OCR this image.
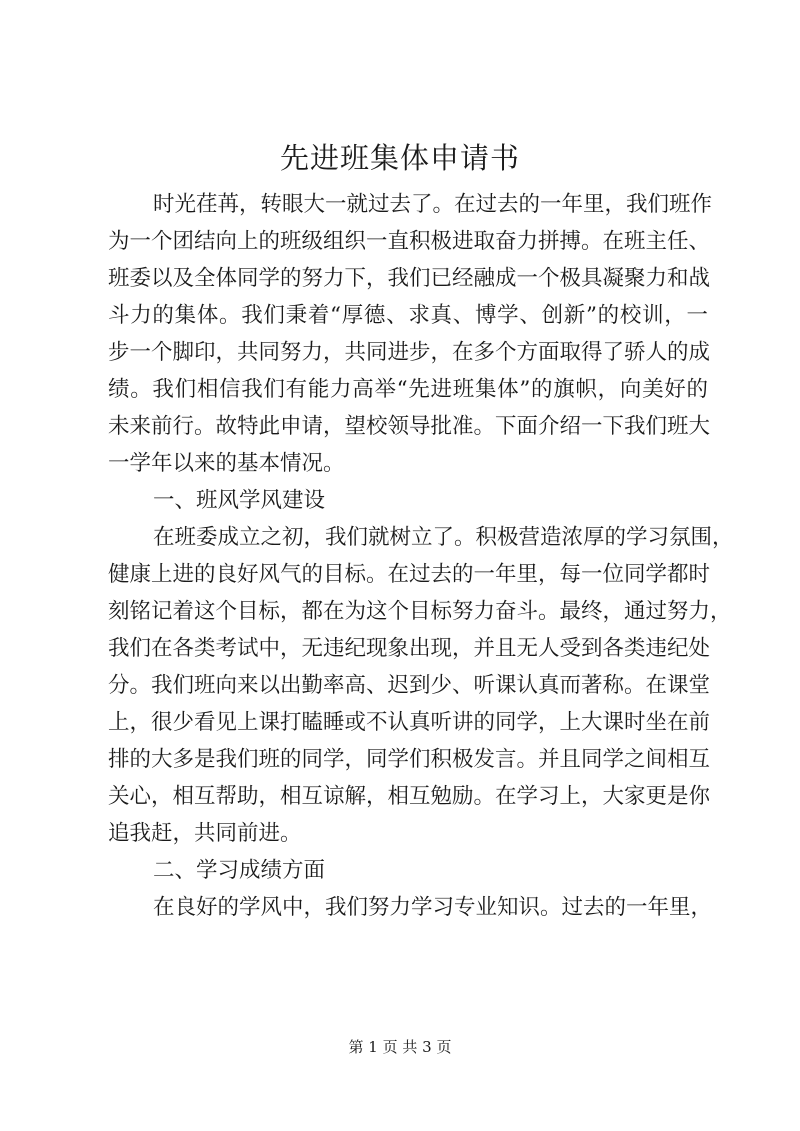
先进班集体申请书
时光荏苒，转眼大一就过去了。在过去的一年里，我们班作
为一个团结向上的班级组织一直积极进取奋力拼搏。在班主任、
班委以及全体同学的努力下，我们已经融成一个极具凝聚力和战
斗力的集体。我们秉着“厚德、求真、博学、创新”的校训，一
步一个脚印，共同努力，共同进步，在多个方面取得了骄人的成
绩。我们相信我们有能力高举“先进班集体”的旗帜，向美好的
未来前行。故特此申请，望校领导批准。下面介绍一下我们班大
一学年以来的基本情况。
一、班风学风建设
在班委成立之初，我们就树立了。积极营造浓厚的学习氛围，
健康上进的良好风气的目标。在过去的一年里，每一位同学都时
刻铭记着这个目标，都在为这个目标努力奋斗。最终，通过努力，
我们在各类考试中，无违纪现象出现，并且无人受到各类违纪处
分。我们班向来以出勤率高、迟到少、听课认真而著称。在课堂
上，很少看见上课打瞌睡或不认真听讲的同学，上大课时坐在前
排的大多是我们班的同学，同学们积极发言。并且同学之间相互
关心，相互帮助，相互谅解，相互勉励。在学习上，大家更是你
追我赶，共同前进。
二、学习成绩方面
在良好的学风中，我们努力学习专业知识。过去的一年里，
第 1 页 共 3 页
